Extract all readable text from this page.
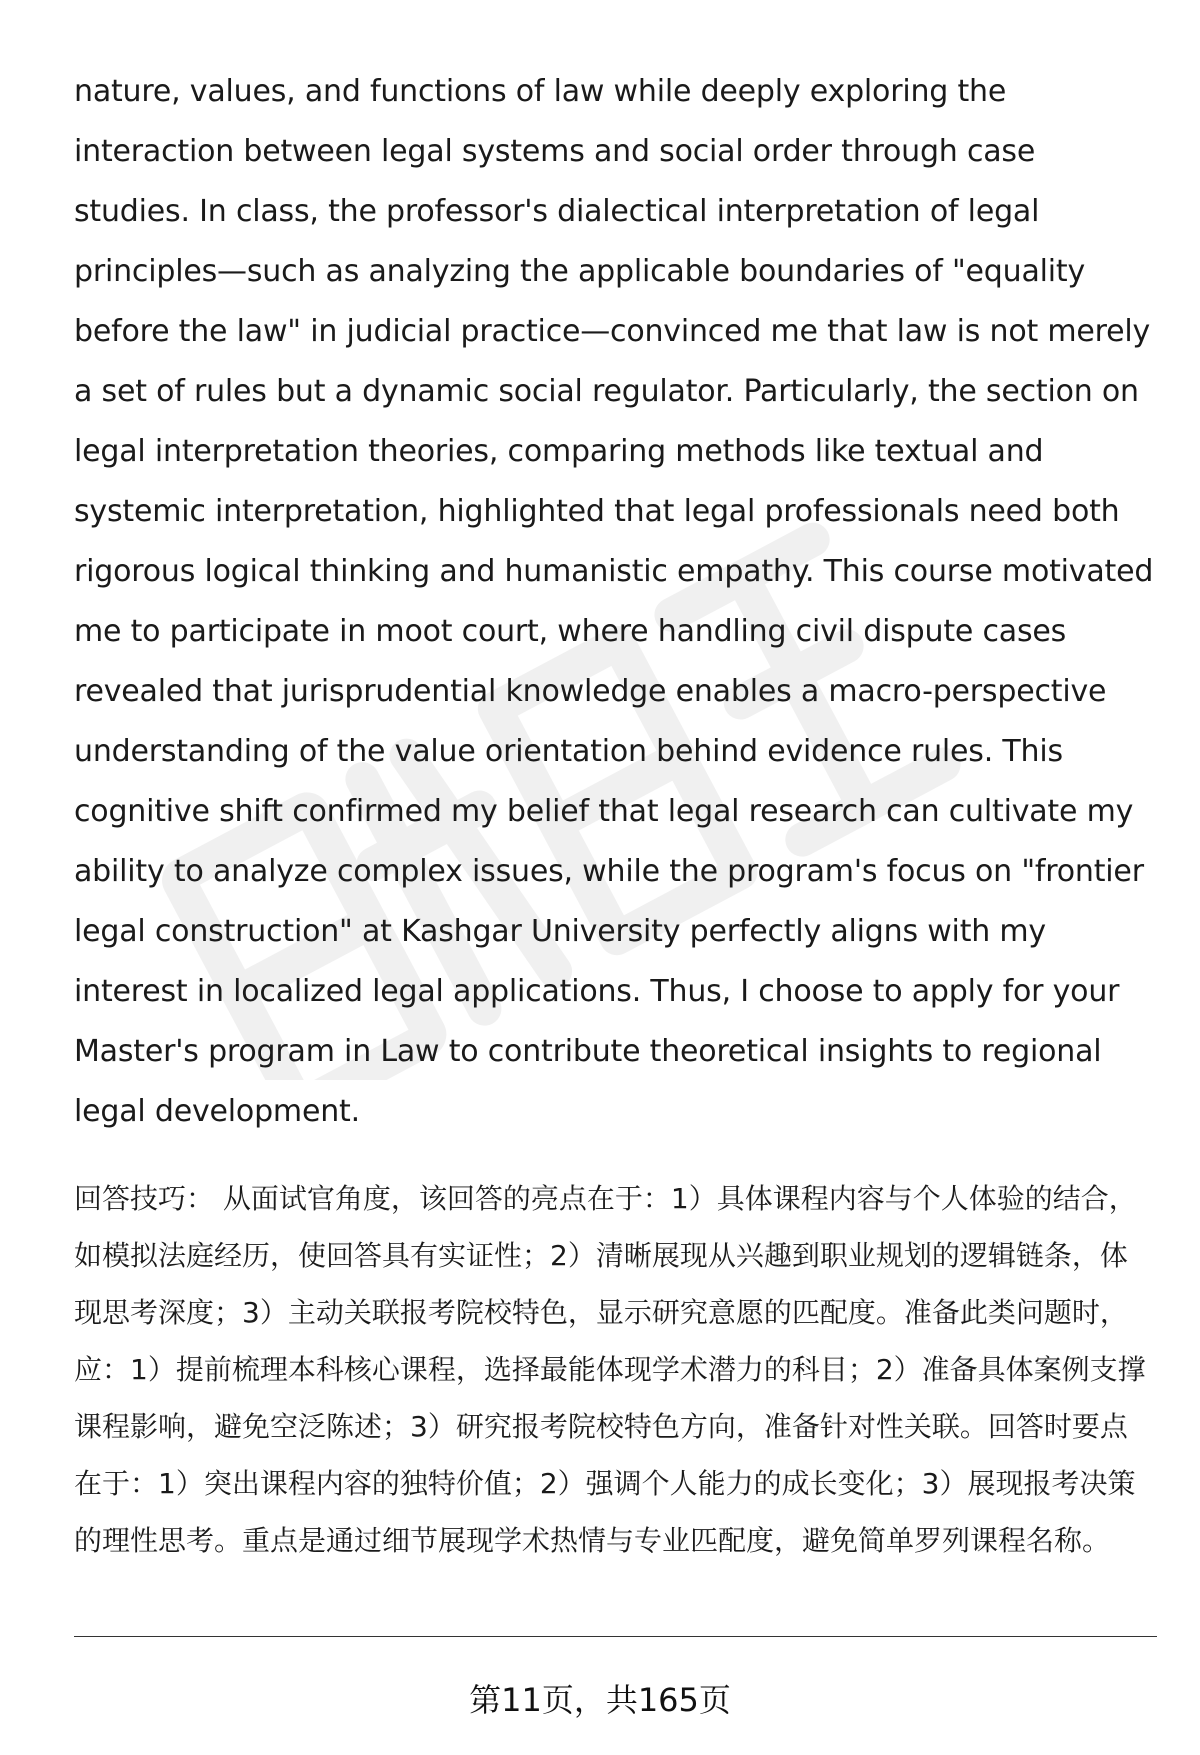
nature, values, and functions of law while deeply exploring the interaction between legal systems and social order through case studies. In class, the professor's dialectical interpretation of legal principles—such as analyzing the applicable boundaries of "equality before the law" in judicial practice—convinced me that law is not merely a set of rules but a dynamic social regulator. Particularly, the section on legal interpretation theories, comparing methods like textual and systemic interpretation, highlighted that legal professionals need both rigorous logical thinking and humanistic empathy. This course motivated me to participate in moot court, where handling civil dispute cases revealed that jurisprudential knowledge enables a macro-perspective understanding of the value orientation behind evidence rules. This cognitive shift confirmed my belief that legal research can cultivate my ability to analyze complex issues, while the program's focus on "frontier legal construction" at Kashgar University perfectly aligns with my interest in localized legal applications. Thus, I choose to apply for your Master's program in Law to contribute theoretical insights to regional legal development.

回答技巧： 从面试官角度，该回答的亮点在于：1）具体课程内容与个人体验的结合，如模拟法庭经历，使回答具有实证性；2）清晰展现从兴趣到职业规划的逻辑链条，体现思考深度；3）主动关联报考院校特色，显示研究意愿的匹配度。准备此类问题时，应：1）提前梳理本科核心课程，选择最能体现学术潜力的科目；2）准备具体案例支撑课程影响，避免空泛陈述；3）研究报考院校特色方向，准备针对性关联。回答时要点在于：1）突出课程内容的独特价值；2）强调个人能力的成长变化；3）展现报考决策的理性思考。重点是通过细节展现学术热情与专业匹配度，避免简单罗列课程名称。

第11页，共165页
